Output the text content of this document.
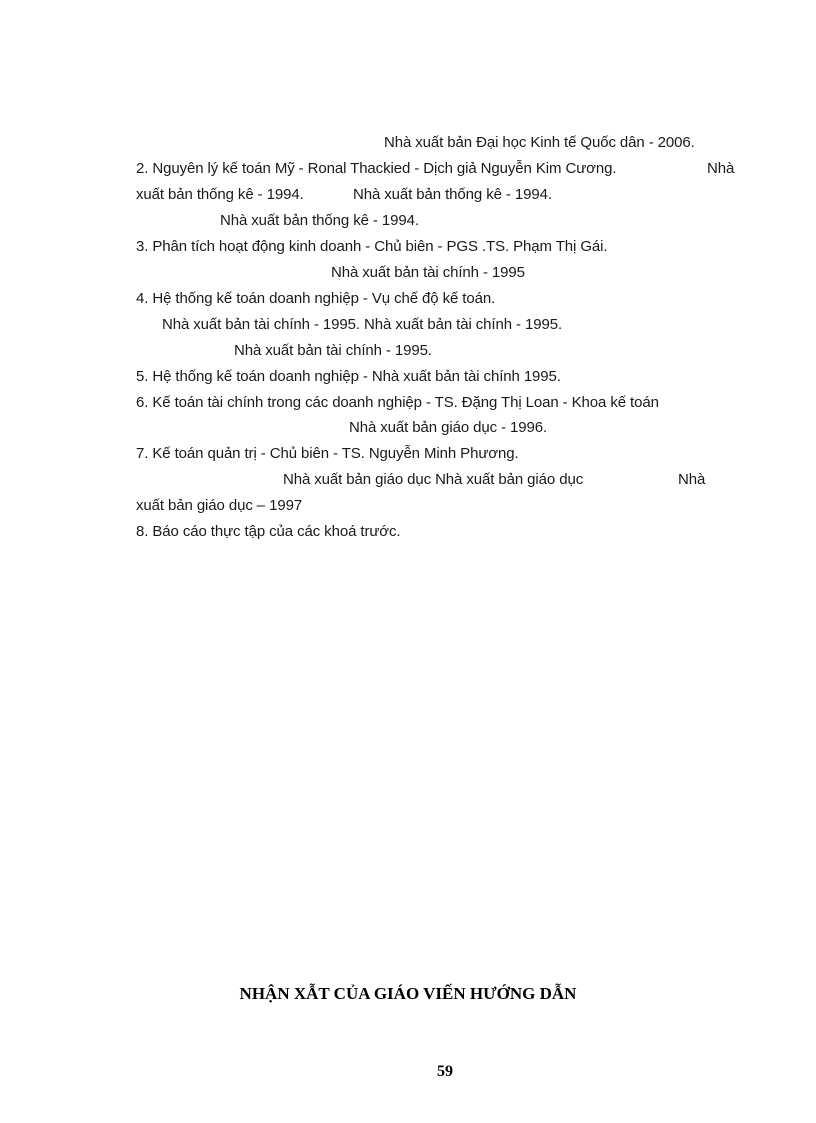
Nhà xuất bản Đại học Kinh tế Quốc dân - 2006.
2. Nguyên lý kế toán Mỹ - Ronal Thackied - Dịch giả Nguyễn Kim Cương.	Nhà
xuất bản thống kê - 1994.	Nhà xuất bản thống kê - 1994.
Nhà xuất bản thống kê - 1994.
3. Phân tích hoạt động kinh doanh - Chủ biên - PGS .TS. Phạm Thị Gái.
Nhà xuất bản tài chính - 1995
4. Hệ thống kế toán doanh nghiệp - Vụ chế độ kế toán.
Nhà xuất bản tài chính - 1995. Nhà xuất bản tài chính - 1995.
Nhà xuất bản tài chính - 1995.
5. Hệ thống kế toán doanh nghiệp - Nhà xuất bản tài chính 1995.
6. Kế toán tài chính trong các doanh nghiệp - TS. Đặng Thị Loan - Khoa kế toán
Nhà xuất bản giáo dục - 1996.
7. Kế toán quản trị - Chủ biên - TS. Nguyễn Minh Phương.
Nhà xuất bản giáo dục Nhà xuất bản giáo dục	Nhà
xuất bản giáo dục – 1997
8. Báo cáo thực tập của các khoá trước.
NHẬN XẪT CỦA GIÁO VIẾN HƯỚNG DẪN
59
